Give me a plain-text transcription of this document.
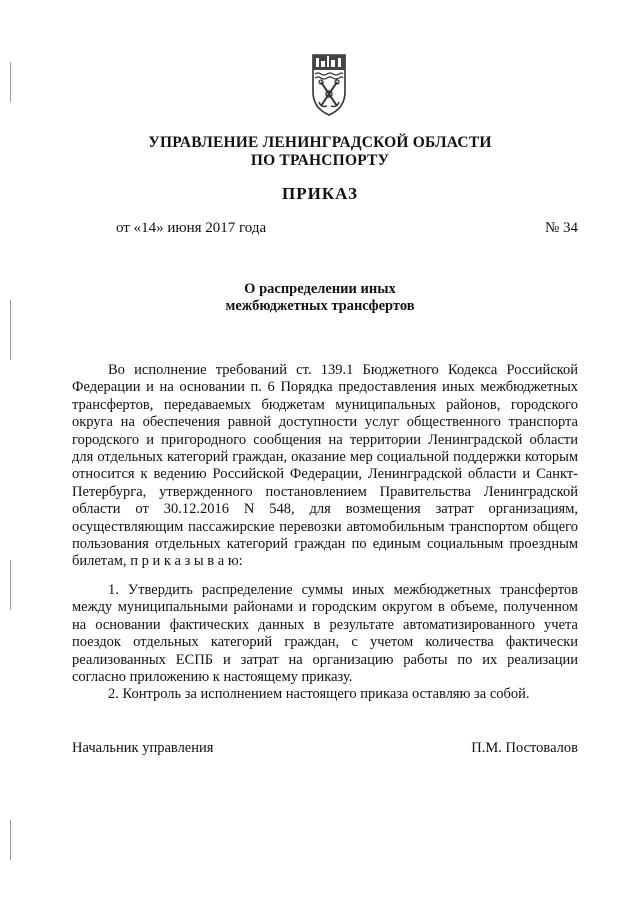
УПРАВЛЕНИЕ ЛЕНИНГРАДСКОЙ ОБЛАСТИ
ПО ТРАНСПОРТУ
ПРИКАЗ
от «14» июня 2017 года	№ 34
О распределении иных
межбюджетных трансфертов

Во исполнение требований ст. 139.1 Бюджетного Кодекса Российской Федерации и на основании п. 6 Порядка предоставления иных межбюджетных трансфертов, передаваемых бюджетам муниципальных районов, городского округа на обеспечения равной доступности услуг общественного транспорта городского и пригородного сообщения на территории Ленинградской области для отдельных категорий граждан, оказание мер социальной поддержки которым относится к ведению Российской Федерации, Ленинградской области и Санкт-Петербурга, утвержденного постановлением Правительства Ленинградской области от 30.12.2016 N 548, для возмещения затрат организациям, осуществляющим пассажирские перевозки автомобильным транспортом общего пользования отдельных категорий граждан по единым социальным проездным билетам, п р и к а з ы в а ю:

1. Утвердить распределение суммы иных межбюджетных трансфертов между муниципальными районами и городским округом в объеме, полученном на основании фактических данных в результате автоматизированного учета поездок отдельных категорий граждан, с учетом количества фактически реализованных ЕСПБ и затрат на организацию работы по их реализации согласно приложению к настоящему приказу.

2. Контроль за исполнением настоящего приказа оставляю за собой.

Начальник управления	П.М. Постовалов
